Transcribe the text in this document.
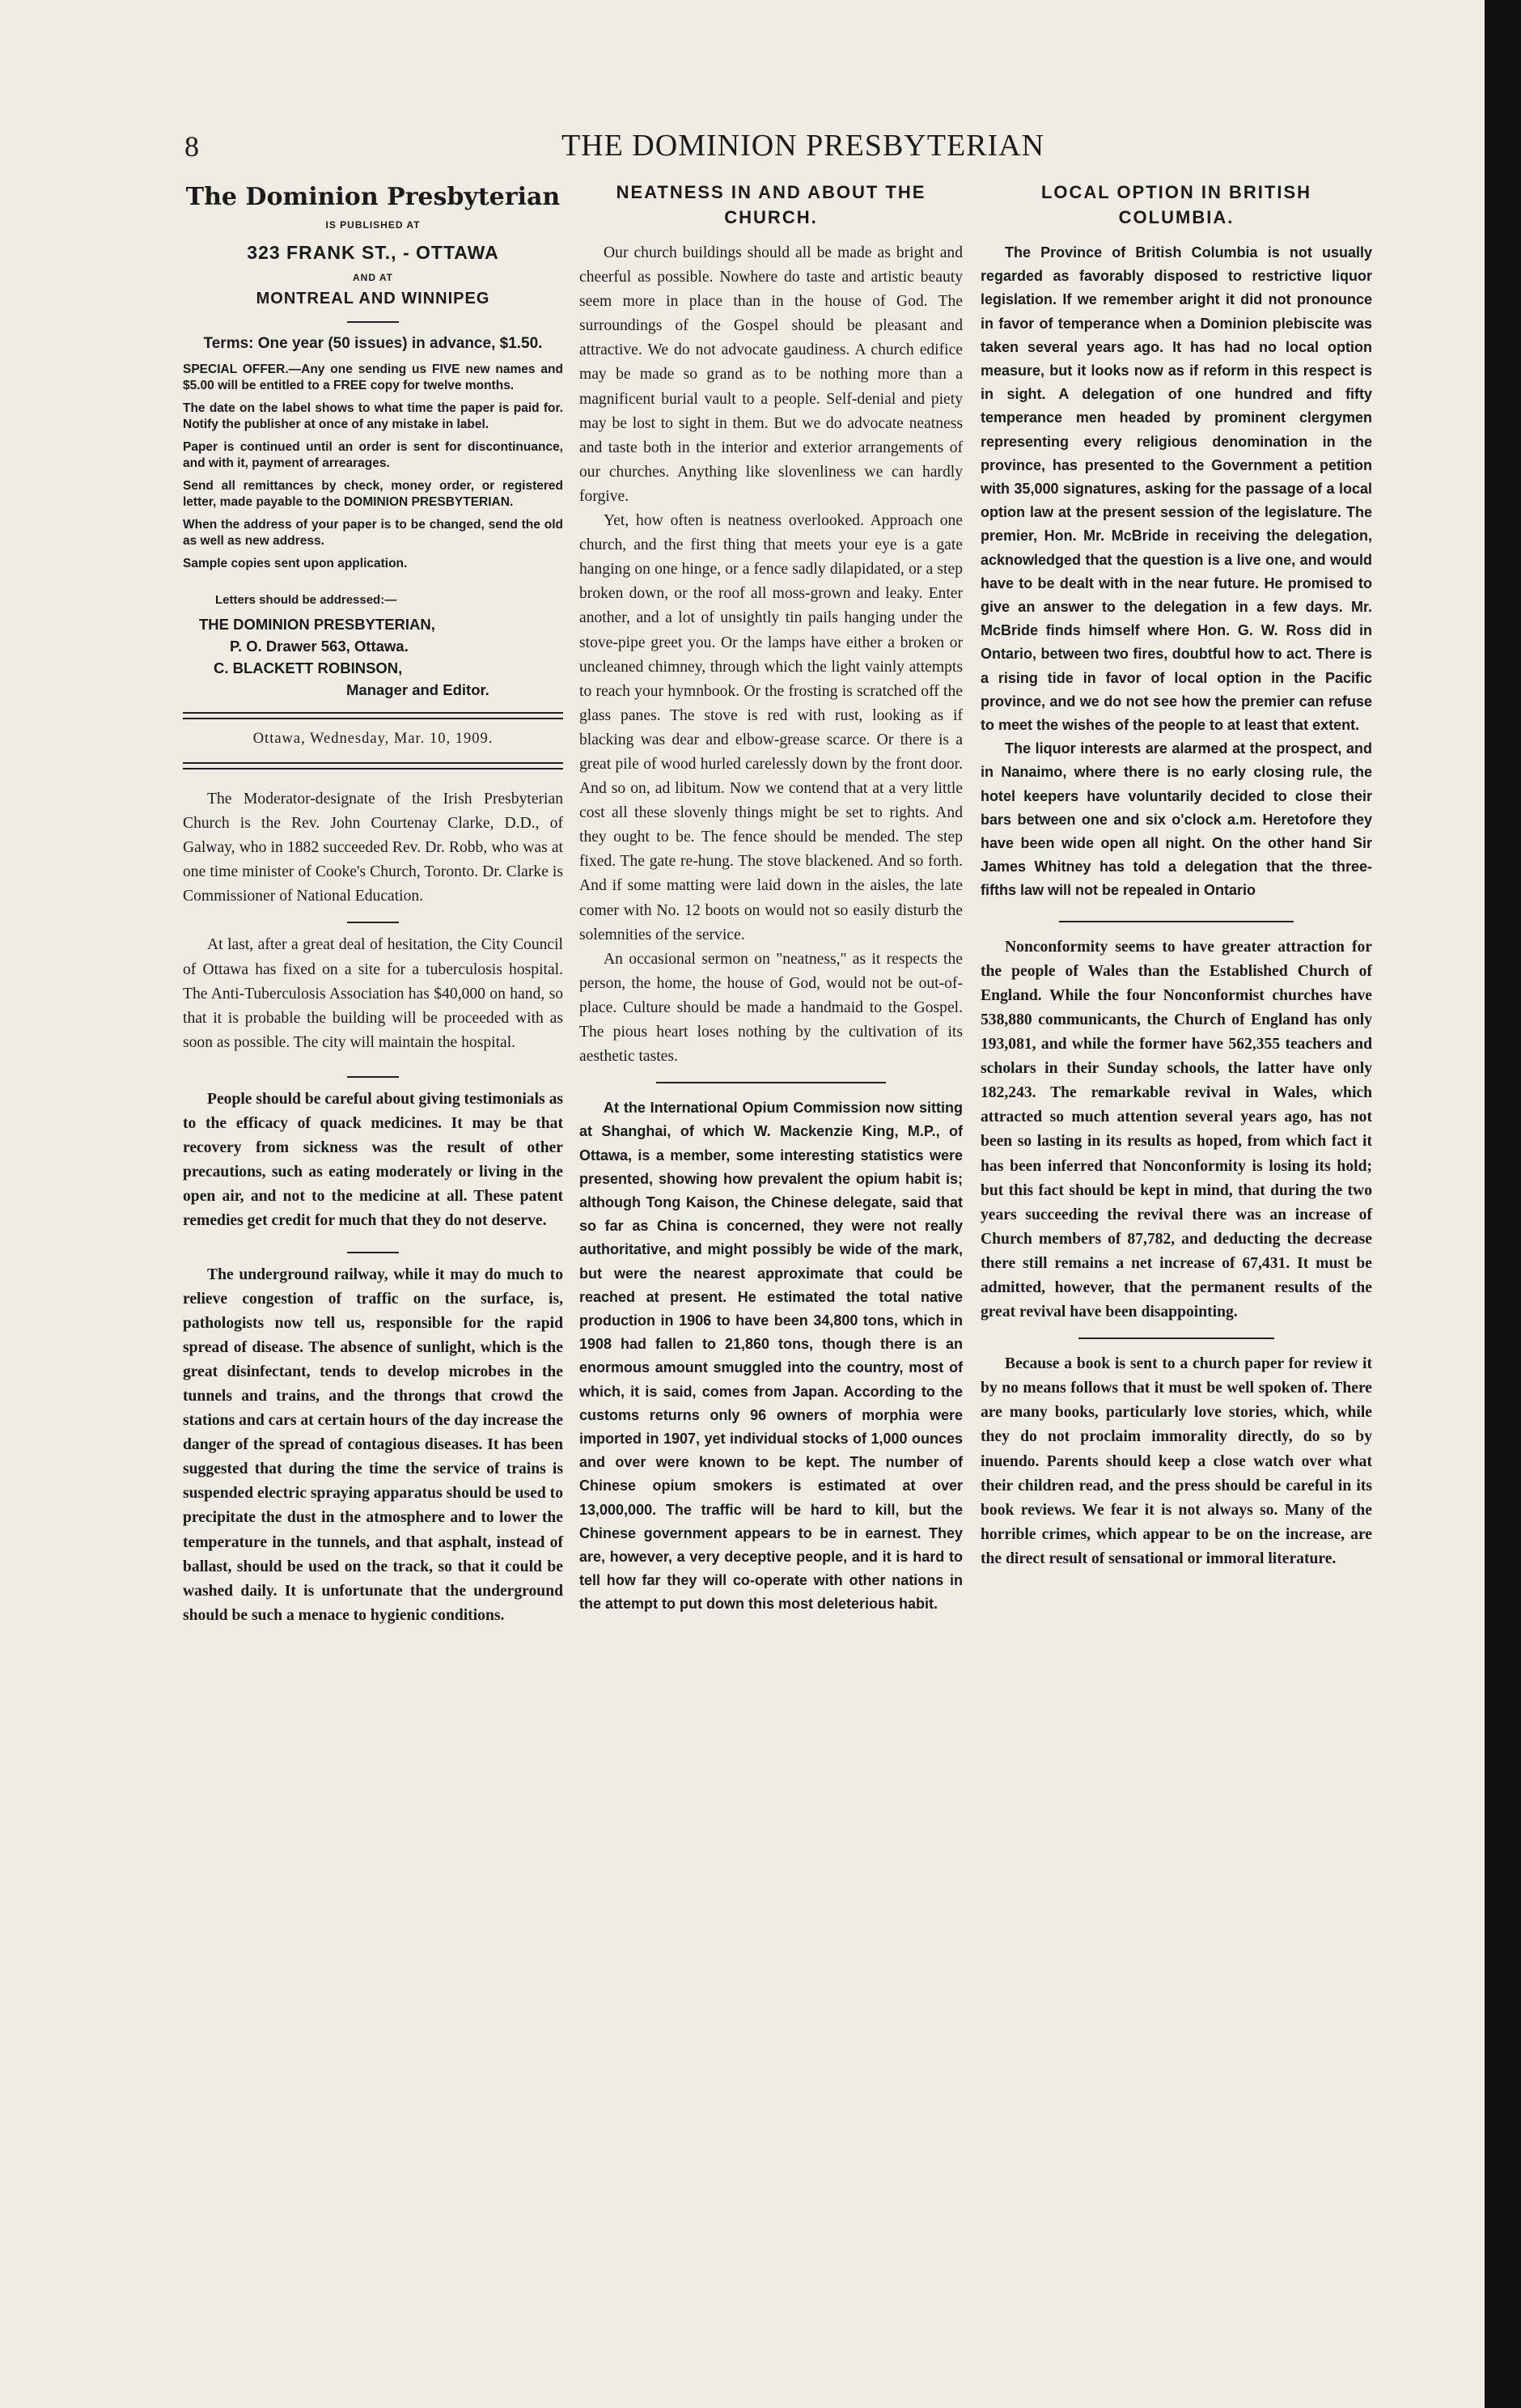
8	THE DOMINION PRESBYTERIAN
The Dominion Presbyterian
IS PUBLISHED AT
323 FRANK ST., - OTTAWA
AND AT
MONTREAL AND WINNIPEG
Terms: One year (50 issues) in advance, $1.50.
SPECIAL OFFER.—Any one sending us FIVE new names and $5.00 will be entitled to a FREE copy for twelve months.
The date on the label shows to what time the paper is paid for. Notify the publisher at once of any mistake in label.
Paper is continued until an order is sent for discontinuance, and with it, payment of arrearages.
Send all remittances by check, money order, or registered letter, made payable to the DOMINION PRESBYTERIAN.
When the address of your paper is to be changed, send the old as well as new address.
Sample copies sent upon application.
Letters should be addressed:—
THE DOMINION PRESBYTERIAN,
P. O. Drawer 563, Ottawa.
C. BLACKETT ROBINSON,
Manager and Editor.
Ottawa, Wednesday, Mar. 10, 1909.

The Moderator-designate of the Irish Presbyterian Church is the Rev. John Courtenay Clarke, D.D., of Galway, who in 1882 succeeded Rev. Dr. Robb, who was at one time minister of Cooke's Church, Toronto. Dr. Clarke is Commissioner of National Education.

At last, after a great deal of hesitation, the City Council of Ottawa has fixed on a site for a tuberculosis hospital. The Anti-Tuberculosis Association has $40,000 on hand, so that it is probable the building will be proceeded with as soon as possible. The city will maintain the hospital.

People should be careful about giving testimonials as to the efficacy of quack medicines. It may be that recovery from sickness was the result of other precautions, such as eating moderately or living in the open air, and not to the medicine at all. These patent remedies get credit for much that they do not deserve.

The underground railway, while it may do much to relieve congestion of traffic on the surface, is, pathologists now tell us, responsible for the rapid spread of disease. The absence of sunlight, which is the great disinfectant, tends to develop microbes in the tunnels and trains, and the throngs that crowd the stations and cars at certain hours of the day increase the danger of the spread of contagious diseases. It has been suggested that during the time the service of trains is suspended electric spraying apparatus should be used to precipitate the dust in the atmosphere and to lower the temperature in the tunnels, and that asphalt, instead of ballast, should be used on the track, so that it could be washed daily. It is unfortunate that the underground should be such a menace to hygienic conditions.

NEATNESS IN AND ABOUT THE CHURCH.

Our church buildings should all be made as bright and cheerful as possible. Nowhere do taste and artistic beauty seem more in place than in the house of God. The surroundings of the Gospel should be pleasant and attractive. We do not advocate gaudiness. A church edifice may be made so grand as to be nothing more than a magnificent burial vault to a people. Self-denial and piety may be lost to sight in them. But we do advocate neatness and taste both in the interior and exterior arrangements of our churches. Anything like slovenliness we can hardly forgive.

Yet, how often is neatness overlooked. Approach one church, and the first thing that meets your eye is a gate hanging on one hinge, or a fence sadly dilapidated, or a step broken down, or the roof all moss-grown and leaky. Enter another, and a lot of unsightly tin pails hanging under the stove-pipe greet you. Or the lamps have either a broken or uncleaned chimney, through which the light vainly attempts to reach your hymnbook. Or the frosting is scratched off the glass panes. The stove is red with rust, looking as if blacking was dear and elbow-grease scarce. Or there is a great pile of wood hurled carelessly down by the front door. And so on, ad libitum. Now we contend that at a very little cost all these slovenly things might be set to rights. And they ought to be. The fence should be mended. The step fixed. The gate re-hung. The stove blackened. And so forth. And if some matting were laid down in the aisles, the late comer with No. 12 boots on would not so easily disturb the solemnities of the service.

An occasional sermon on "neatness," as it respects the person, the home, the house of God, would not be out-of-place. Culture should be made a handmaid to the Gospel. The pious heart loses nothing by the cultivation of its aesthetic tastes.

At the International Opium Commission now sitting at Shanghai, of which W. Mackenzie King, M.P., of Ottawa, is a member, some interesting statistics were presented, showing how prevalent the opium habit is; although Tong Kaison, the Chinese delegate, said that so far as China is concerned, they were not really authoritative, and might possibly be wide of the mark, but were the nearest approximate that could be reached at present. He estimated the total native production in 1906 to have been 34,800 tons, which in 1908 had fallen to 21,860 tons, though there is an enormous amount smuggled into the country, most of which, it is said, comes from Japan. According to the customs returns only 96 owners of morphia were imported in 1907, yet individual stocks of 1,000 ounces and over were known to be kept. The number of Chinese opium smokers is estimated at over 13,000,000. The traffic will be hard to kill, but the Chinese government appears to be in earnest. They are, however, a very deceptive people, and it is hard to tell how far they will co-operate with other nations in the attempt to put down this most deleterious habit.

LOCAL OPTION IN BRITISH COLUMBIA.

The Province of British Columbia is not usually regarded as favorably disposed to restrictive liquor legislation. If we remember aright it did not pronounce in favor of temperance when a Dominion plebiscite was taken several years ago. It has had no local option measure, but it looks now as if reform in this respect is in sight. A delegation of one hundred and fifty temperance men headed by prominent clergymen representing every religious denomination in the province, has presented to the Government a petition with 35,000 signatures, asking for the passage of a local option law at the present session of the legislature. The premier, Hon. Mr. McBride in receiving the delegation, acknowledged that the question is a live one, and would have to be dealt with in the near future. He promised to give an answer to the delegation in a few days. Mr. McBride finds himself where Hon. G. W. Ross did in Ontario, between two fires, doubtful how to act. There is a rising tide in favor of local option in the Pacific province, and we do not see how the premier can refuse to meet the wishes of the people to at least that extent.

The liquor interests are alarmed at the prospect, and in Nanaimo, where there is no early closing rule, the hotel keepers have voluntarily decided to close their bars between one and six o'clock a.m. Heretofore they have been wide open all night. On the other hand Sir James Whitney has told a delegation that the three-fifths law will not be repealed in Ontario

Nonconformity seems to have greater attraction for the people of Wales than the Established Church of England. While the four Nonconformist churches have 538,880 communicants, the Church of England has only 193,081, and while the former have 562,355 teachers and scholars in their Sunday schools, the latter have only 182,243. The remarkable revival in Wales, which attracted so much attention several years ago, has not been so lasting in its results as hoped, from which fact it has been inferred that Nonconformity is losing its hold; but this fact should be kept in mind, that during the two years succeeding the revival there was an increase of Church members of 87,782, and deducting the decrease there still remains a net increase of 67,431. It must be admitted, however, that the permanent results of the great revival have been disappointing.

Because a book is sent to a church paper for review it by no means follows that it must be well spoken of. There are many books, particularly love stories, which, while they do not proclaim immorality directly, do so by inuendo. Parents should keep a close watch over what their children read, and the press should be careful in its book reviews. We fear it is not always so. Many of the horrible crimes, which appear to be on the increase, are the direct result of sensational or immoral literature.
